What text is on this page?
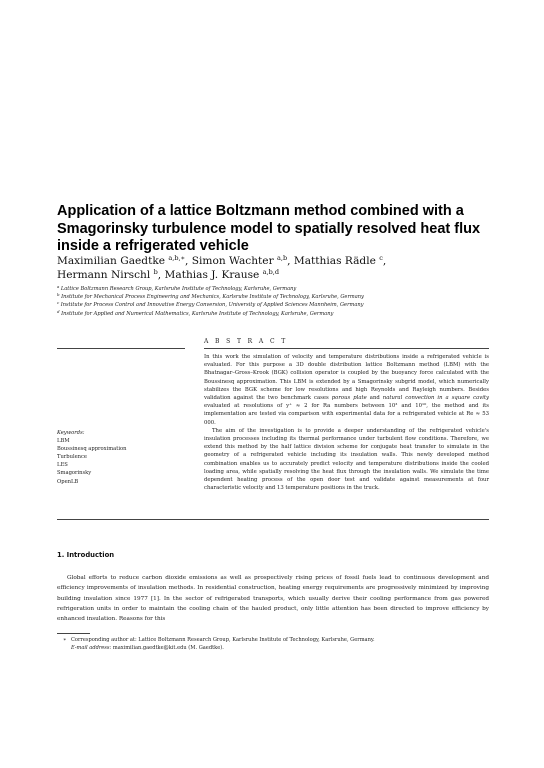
Application of a lattice Boltzmann method combined with a
Smagorinsky turbulence model to spatially resolved heat flux
inside a refrigerated vehicle
Maximilian Gaedtke $^{a,b,∗}$, Simon Wachter $^{a,b}$, Matthias Rädle $^c$,
Hermann Nirschl $^b$, Mathias J. Krause $^{a,b,d}$
$^a$ Lattice Boltzmann Research Group, Karlsruhe Institute of Technology, Karlsruhe, Germany
$^b$ Institute for Mechanical Process Engineering and Mechanics, Karlsruhe Institute of Technology, Karlsruhe, Germany
$^c$ Institute for Process Control and Innovative Energy Conversion, University of Applied Sciences Mannheim, Germany
$^d$ Institute for Applied and Numerical Mathematics, Karlsruhe Institute of Technology, Karlsruhe, Germany
A B S T R A C T

In this work the simulation of velocity and temperature distributions inside a refrigerated vehicle is evaluated. For this purpose a 3D double distribution lattice Boltzmann method (LBM) with the Bhatnagar–Gross–Krook (BGK) collision operator is coupled by the buoyancy force calculated with the Boussinesq approximation. This LBM is extended by a Smagorinsky subgrid model, which numerically stabilizes the BGK scheme for low resolutions and high Reynolds and Rayleigh numbers. Besides validation against the two benchmark cases porous plate and natural convection in a square cavity evaluated at resolutions of y⁺ ≈ 2 for Ra numbers between 10³ and 10¹⁰, the method and its implementation are tested via comparison with experimental data for a refrigerated vehicle at Re ≈ 53 000.

The aim of the investigation is to provide a deeper understanding of the refrigerated vehicle's insulation processes including its thermal performance under turbulent flow conditions. Therefore, we extend this method by the half lattice division scheme for conjugate heat transfer to simulate in the geometry of a refrigerated vehicle including its insulation walls. This newly developed method combination enables us to accurately predict velocity and temperature distributions inside the cooled loading area, while spatially resolving the heat flux through the insulation walls. We simulate the time dependent heating process of the open door test and validate against measurements at four characteristic velocity and 13 temperature positions in the truck.

Keywords:
LBM
Boussinesq approximation
Turbulence
LES
Smagorinsky
OpenLB
1. Introduction
Global efforts to reduce carbon dioxide emissions as well as prospectively rising prices of fossil fuels lead to continuous development and efficiency improvements of insulation methods. In residential construction, heating energy requirements are progressively minimized by improving building insulation since 1977 [1]. In the sector of refrigerated transports, which usually derive their cooling performance from gas powered refrigeration units in order to maintain the cooling chain of the hauled product, only little attention has been directed to improve efficiency by enhanced insulation. Reasons for this
∗ Corresponding author at: Lattice Boltzmann Research Group, Karlsruhe Institute of Technology, Karlsruhe, Germany.
E-mail address: maximilian.gaedtke@kit.edu (M. Gaedtke).
